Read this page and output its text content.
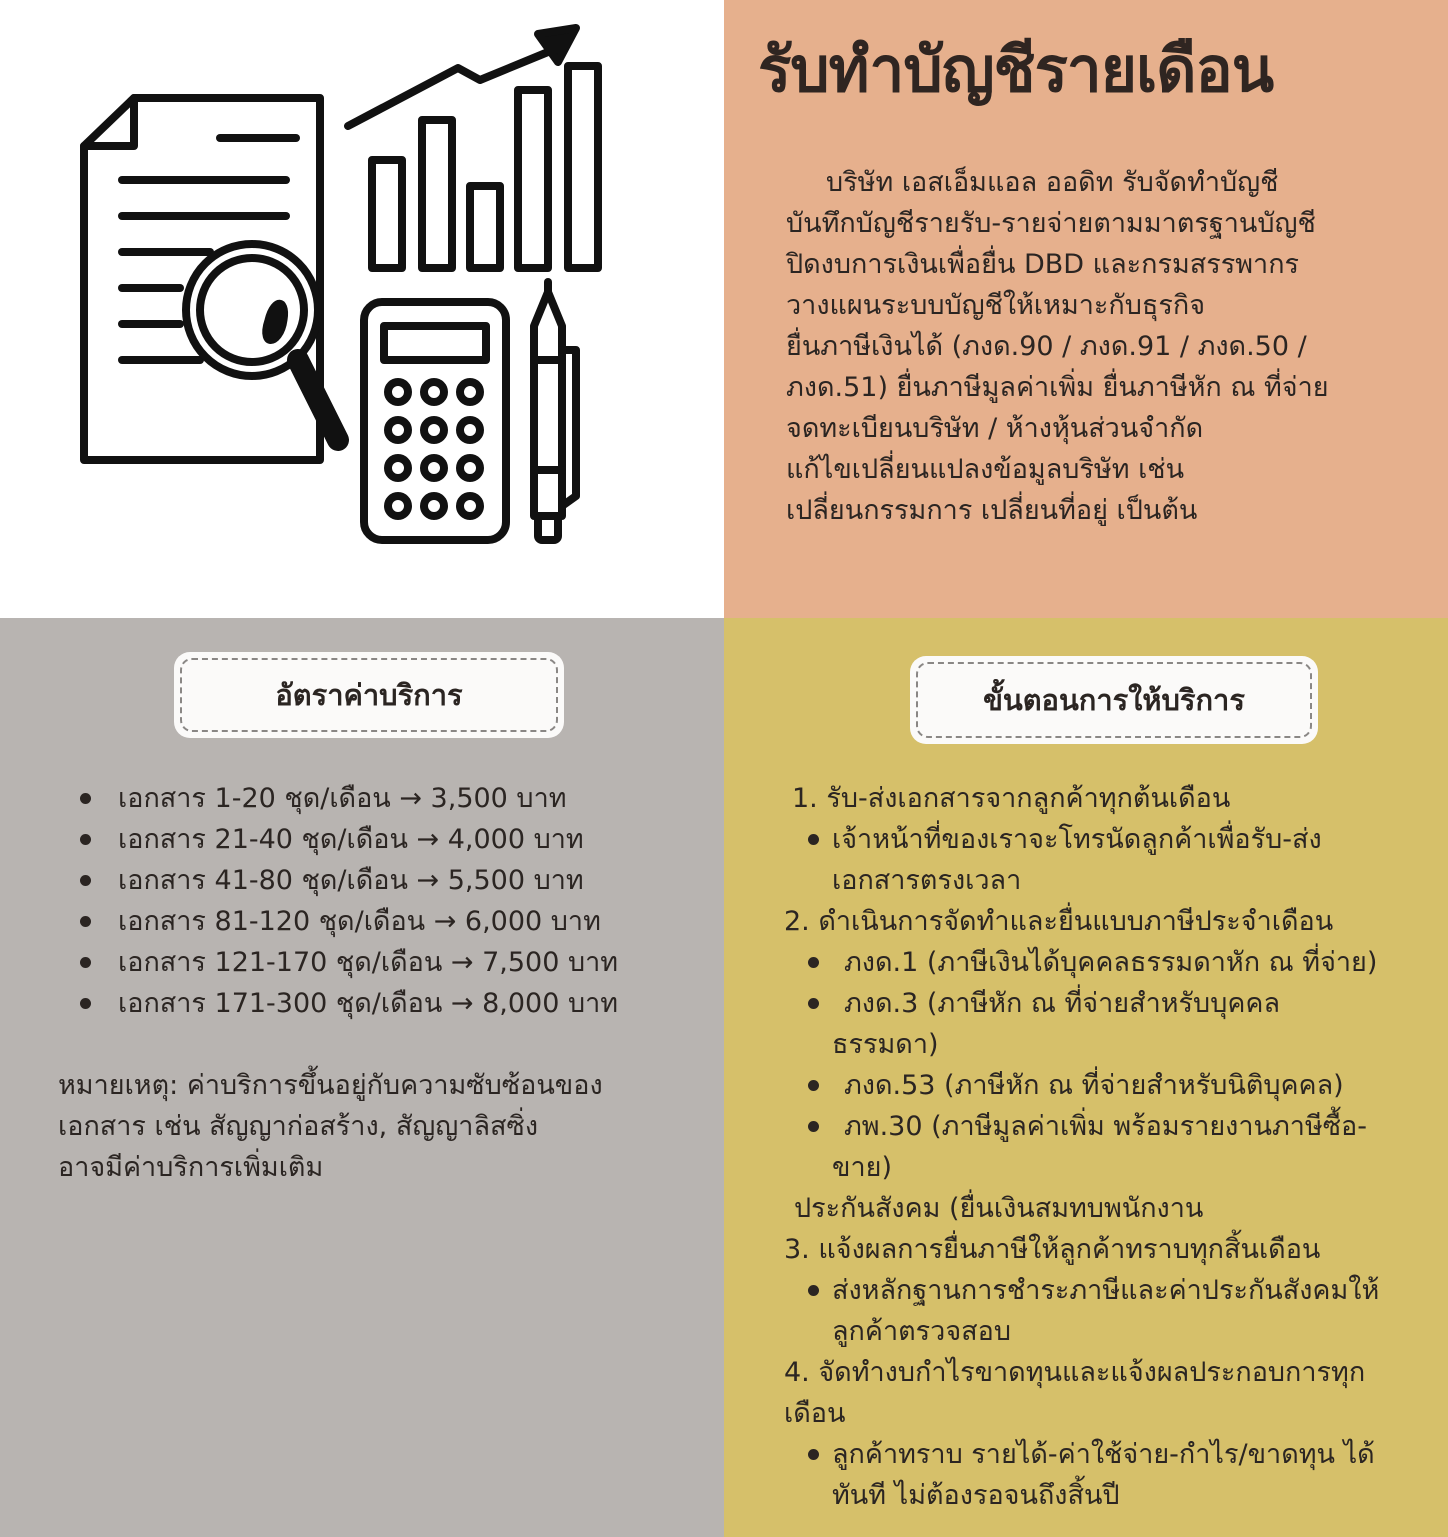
รับทำบัญชีรายเดือน
บริษัท เอสเอ็มแอล ออดิท รับจัดทำบัญชี
บันทึกบัญชีรายรับ-รายจ่ายตามมาตรฐานบัญชี
ปิดงบการเงินเพื่อยื่น DBD และกรมสรรพากร
วางแผนระบบบัญชีให้เหมาะกับธุรกิจ
ยื่นภาษีเงินได้ (ภงด.90 / ภงด.91 / ภงด.50 /
ภงด.51) ยื่นภาษีมูลค่าเพิ่ม ยื่นภาษีหัก ณ ที่จ่าย
จดทะเบียนบริษัท / ห้างหุ้นส่วนจำกัด
แก้ไขเปลี่ยนแปลงข้อมูลบริษัท เช่น
เปลี่ยนกรรมการ เปลี่ยนที่อยู่ เป็นต้น
อัตราค่าบริการ
เอกสาร 1-20 ชุด/เดือน → 3,500 บาท
เอกสาร 21-40 ชุด/เดือน → 4,000 บาท
เอกสาร 41-80 ชุด/เดือน → 5,500 บาท
เอกสาร 81-120 ชุด/เดือน → 6,000 บาท
เอกสาร 121-170 ชุด/เดือน → 7,500 บาท
เอกสาร 171-300 ชุด/เดือน → 8,000 บาท
หมายเหตุ: ค่าบริการขึ้นอยู่กับความซับซ้อนของ
เอกสาร เช่น สัญญาก่อสร้าง, สัญญาลิสซิ่ง
อาจมีค่าบริการเพิ่มเติม
ขั้นตอนการให้บริการ
1. รับ-ส่งเอกสารจากลูกค้าทุกต้นเดือน
เจ้าหน้าที่ของเราจะโทรนัดลูกค้าเพื่อรับ-ส่ง
เอกสารตรงเวลา
2. ดำเนินการจัดทำและยื่นแบบภาษีประจำเดือน
ภงด.1 (ภาษีเงินได้บุคคลธรรมดาหัก ณ ที่จ่าย)
ภงด.3 (ภาษีหัก ณ ที่จ่ายสำหรับบุคคล
ธรรมดา)
ภงด.53 (ภาษีหัก ณ ที่จ่ายสำหรับนิติบุคคล)
ภพ.30 (ภาษีมูลค่าเพิ่ม พร้อมรายงานภาษีซื้อ-
ขาย)
ประกันสังคม (ยื่นเงินสมทบพนักงาน
3. แจ้งผลการยื่นภาษีให้ลูกค้าทราบทุกสิ้นเดือน
ส่งหลักฐานการชำระภาษีและค่าประกันสังคมให้
ลูกค้าตรวจสอบ
4. จัดทำงบกำไรขาดทุนและแจ้งผลประกอบการทุก
เดือน
ลูกค้าทราบ รายได้-ค่าใช้จ่าย-กำไร/ขาดทุน ได้
ทันที ไม่ต้องรอจนถึงสิ้นปี
